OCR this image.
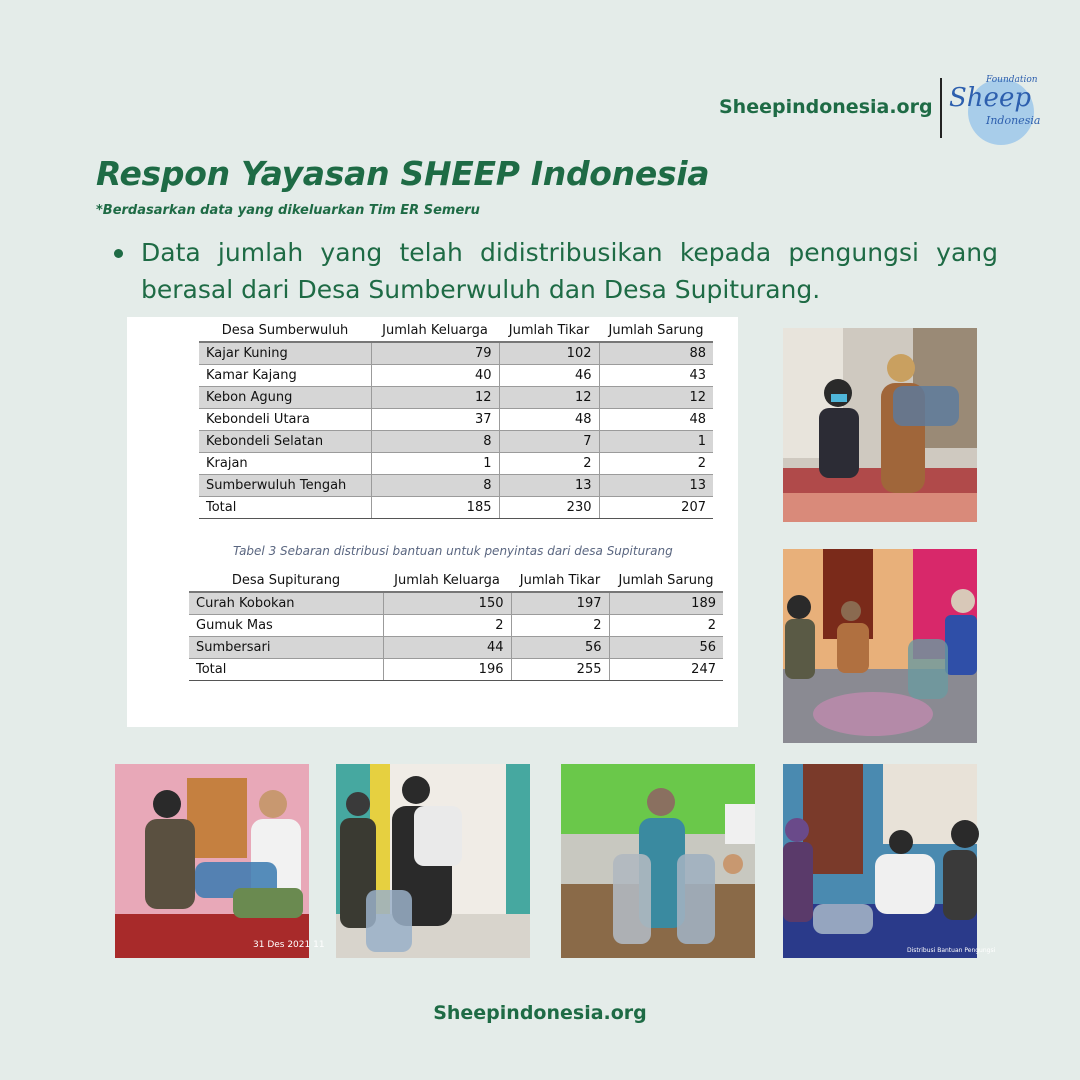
Sheepindonesia.org Sheep
Indonesia
Foundation
Respon Yayasan SHEEP Indonesia
*Berdasarkan data yang dikeluarkan Tim ER Semeru
Data jumlah yang telah didistribusikan kepada pengungsi yang berasal dari Desa Sumberwuluh dan Desa Supiturang.
Desa Sumberwuluh	Jumlah Keluarga	Jumlah Tikar	Jumlah Sarung
Kajar Kuning	79	102	88
Kamar Kajang	40	46	43
Kebon Agung	12	12	12
Kebondeli Utara	37	48	48
Kebondeli Selatan	8	7	1
Krajan	1	2	2
Sumberwuluh Tengah	8	13	13
Total	185	230	207
Tabel 3 Sebaran distribusi bantuan untuk penyintas dari desa Supiturang
Desa Supiturang	Jumlah Keluarga	Jumlah Tikar	Jumlah Sarung
Curah Kobokan	150	197	189
Gumuk Mas	2	2	2
Sumbersari	44	56	56
Total	196	255	247
31 Des 2021 11
Distribusi Bantuan Pengungsi
Sheepindonesia.org
